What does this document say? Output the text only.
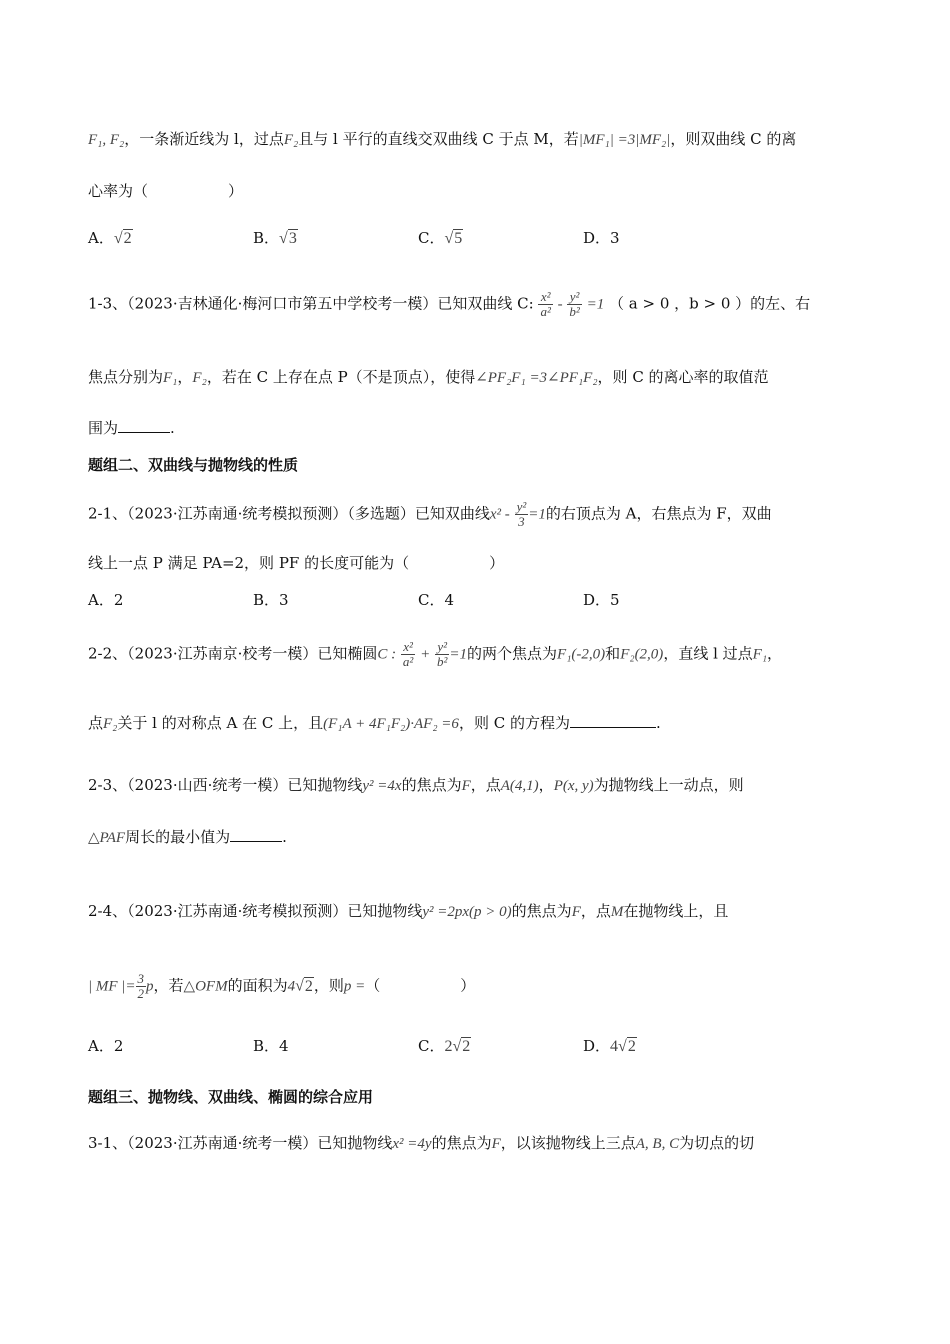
F₁, F₂，一条渐近线为 l，过点F₂且与 l 平行的直线交双曲线 C 于点 M，若|MF₁| =3|MF₂|，则双曲线 C 的离
心率为（	）
A．√2	B．√3	C．√5	D．3
1-3、（2023·吉林通化·梅河口市第五中学校考一模）已知双曲线 C: $\frac{\text{x²}}{\text{a²}} - \frac{\text{y²}}{\text{b²}} =1$ （ a > 0 ，b > 0 ）的左、右
焦点分别为F₁，F₂，若在 C 上存在点 P（不是顶点），使得∠PF₂F₁ =3∠PF₁F₂，则 C 的离心率的取值范
围为	.
题组二、双曲线与抛物线的性质
2-1、（2023·江苏南通·统考模拟预测）（多选题）已知双曲线$x^2 - \frac{\text{y²}}{3} =1$的右顶点为 A，右焦点为 F，双曲
线上一点 P 满足 PA=2，则 PF 的长度可能为（	）
A．2	B．3	C．4	D．5
2-2、（2023·江苏南京·校考一模）已知椭圆C : $\frac{\text{x²}}{\text{a²}} + \frac{\text{y²}}{\text{b²}} =1$的两个焦点为F₁(-2,0)和F₂(2,0)，直线 l 过点F₁，
点F₂关于 l 的对称点 A 在 C 上，且(F₁A + 4F₁F₂)·AF₂ =6，则 C 的方程为	.
2-3、（2023·山西·统考一模）已知抛物线y² =4x的焦点为F，点A(4,1)，P(x, y)为抛物线上一动点，则
△PAF周长的最小值为	.
2-4、（2023·江苏南通·统考模拟预测）已知抛物线y² =2px(p > 0)的焦点为F，点M在抛物线上，且
| MF |= $\frac{3}{2}$ p，若△OFM的面积为4√2，则p =（	）
A．2	B．4	C．2√2	D．4√2
题组三、抛物线、双曲线、椭圆的综合应用
3-1、（2023·江苏南通·统考一模）已知抛物线x² =4y的焦点为F，以该抛物线上三点A, B, C为切点的切
